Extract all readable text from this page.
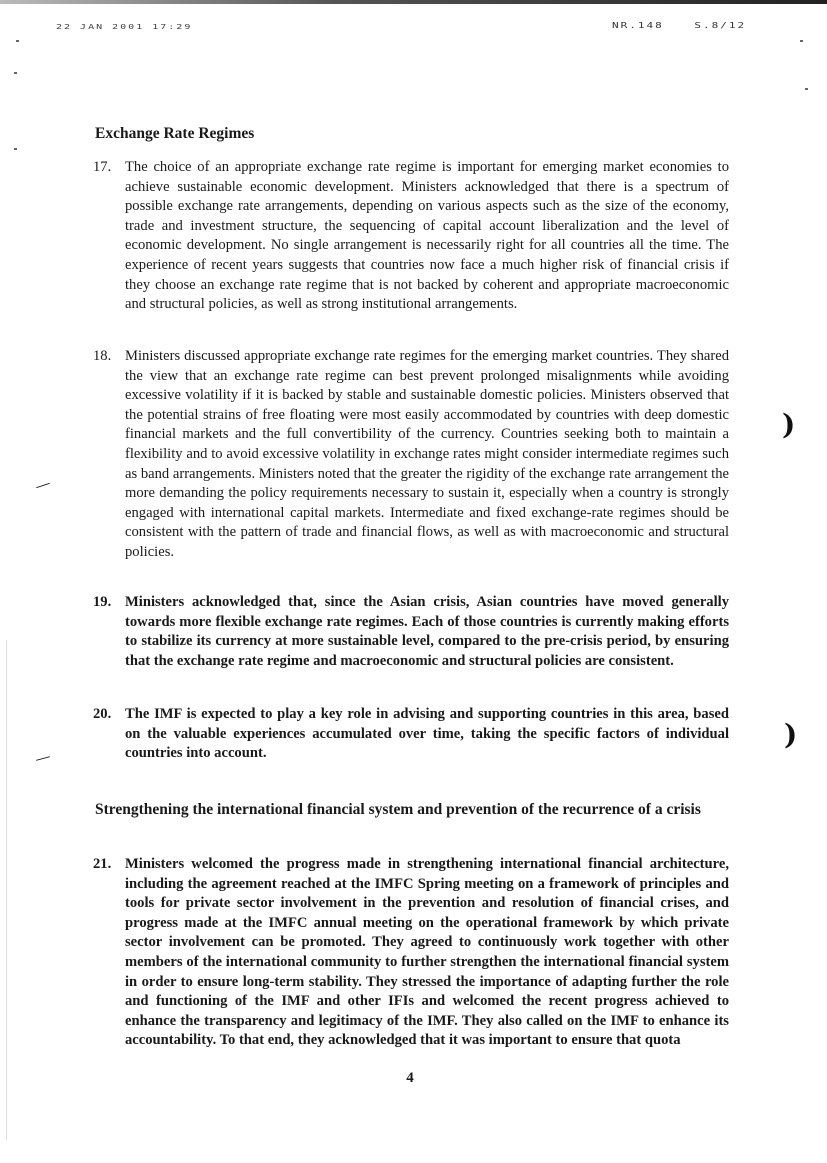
22 JAN 2001 17:29	NR.148 S.8/12
)
)
Exchange Rate Regimes
17. The choice of an appropriate exchange rate regime is important for emerging market economies to achieve sustainable economic development. Ministers acknowledged that there is a spectrum of possible exchange rate arrangements, depending on various aspects such as the size of the economy, trade and investment structure, the sequencing of capital account liberalization and the level of economic development. No single arrangement is necessarily right for all countries all the time. The experience of recent years suggests that countries now face a much higher risk of financial crisis if they choose an exchange rate regime that is not backed by coherent and appropriate macroeconomic and structural policies, as well as strong institutional arrangements.
18. Ministers discussed appropriate exchange rate regimes for the emerging market countries. They shared the view that an exchange rate regime can best prevent prolonged misalignments while avoiding excessive volatility if it is backed by stable and sustainable domestic policies. Ministers observed that the potential strains of free floating were most easily accommodated by countries with deep domestic financial markets and the full convertibility of the currency. Countries seeking both to maintain a flexibility and to avoid excessive volatility in exchange rates might consider intermediate regimes such as band arrangements. Ministers noted that the greater the rigidity of the exchange rate arrangement the more demanding the policy requirements necessary to sustain it, especially when a country is strongly engaged with international capital markets. Intermediate and fixed exchange-rate regimes should be consistent with the pattern of trade and financial flows, as well as with macroeconomic and structural policies.
19. Ministers acknowledged that, since the Asian crisis, Asian countries have moved generally towards more flexible exchange rate regimes. Each of those countries is currently making efforts to stabilize its currency at more sustainable level, compared to the pre-crisis period, by ensuring that the exchange rate regime and macroeconomic and structural policies are consistent.
20. The IMF is expected to play a key role in advising and supporting countries in this area, based on the valuable experiences accumulated over time, taking the specific factors of individual countries into account.
Strengthening the international financial system and prevention of the recurrence of a crisis
21. Ministers welcomed the progress made in strengthening international financial architecture, including the agreement reached at the IMFC Spring meeting on a framework of principles and tools for private sector involvement in the prevention and resolution of financial crises, and progress made at the IMFC annual meeting on the operational framework by which private sector involvement can be promoted. They agreed to continuously work together with other members of the international community to further strengthen the international financial system in order to ensure long-term stability. They stressed the importance of adapting further the role and functioning of the IMF and other IFIs and welcomed the recent progress achieved to enhance the transparency and legitimacy of the IMF. They also called on the IMF to enhance its accountability. To that end, they acknowledged that it was important to ensure that quota
4
